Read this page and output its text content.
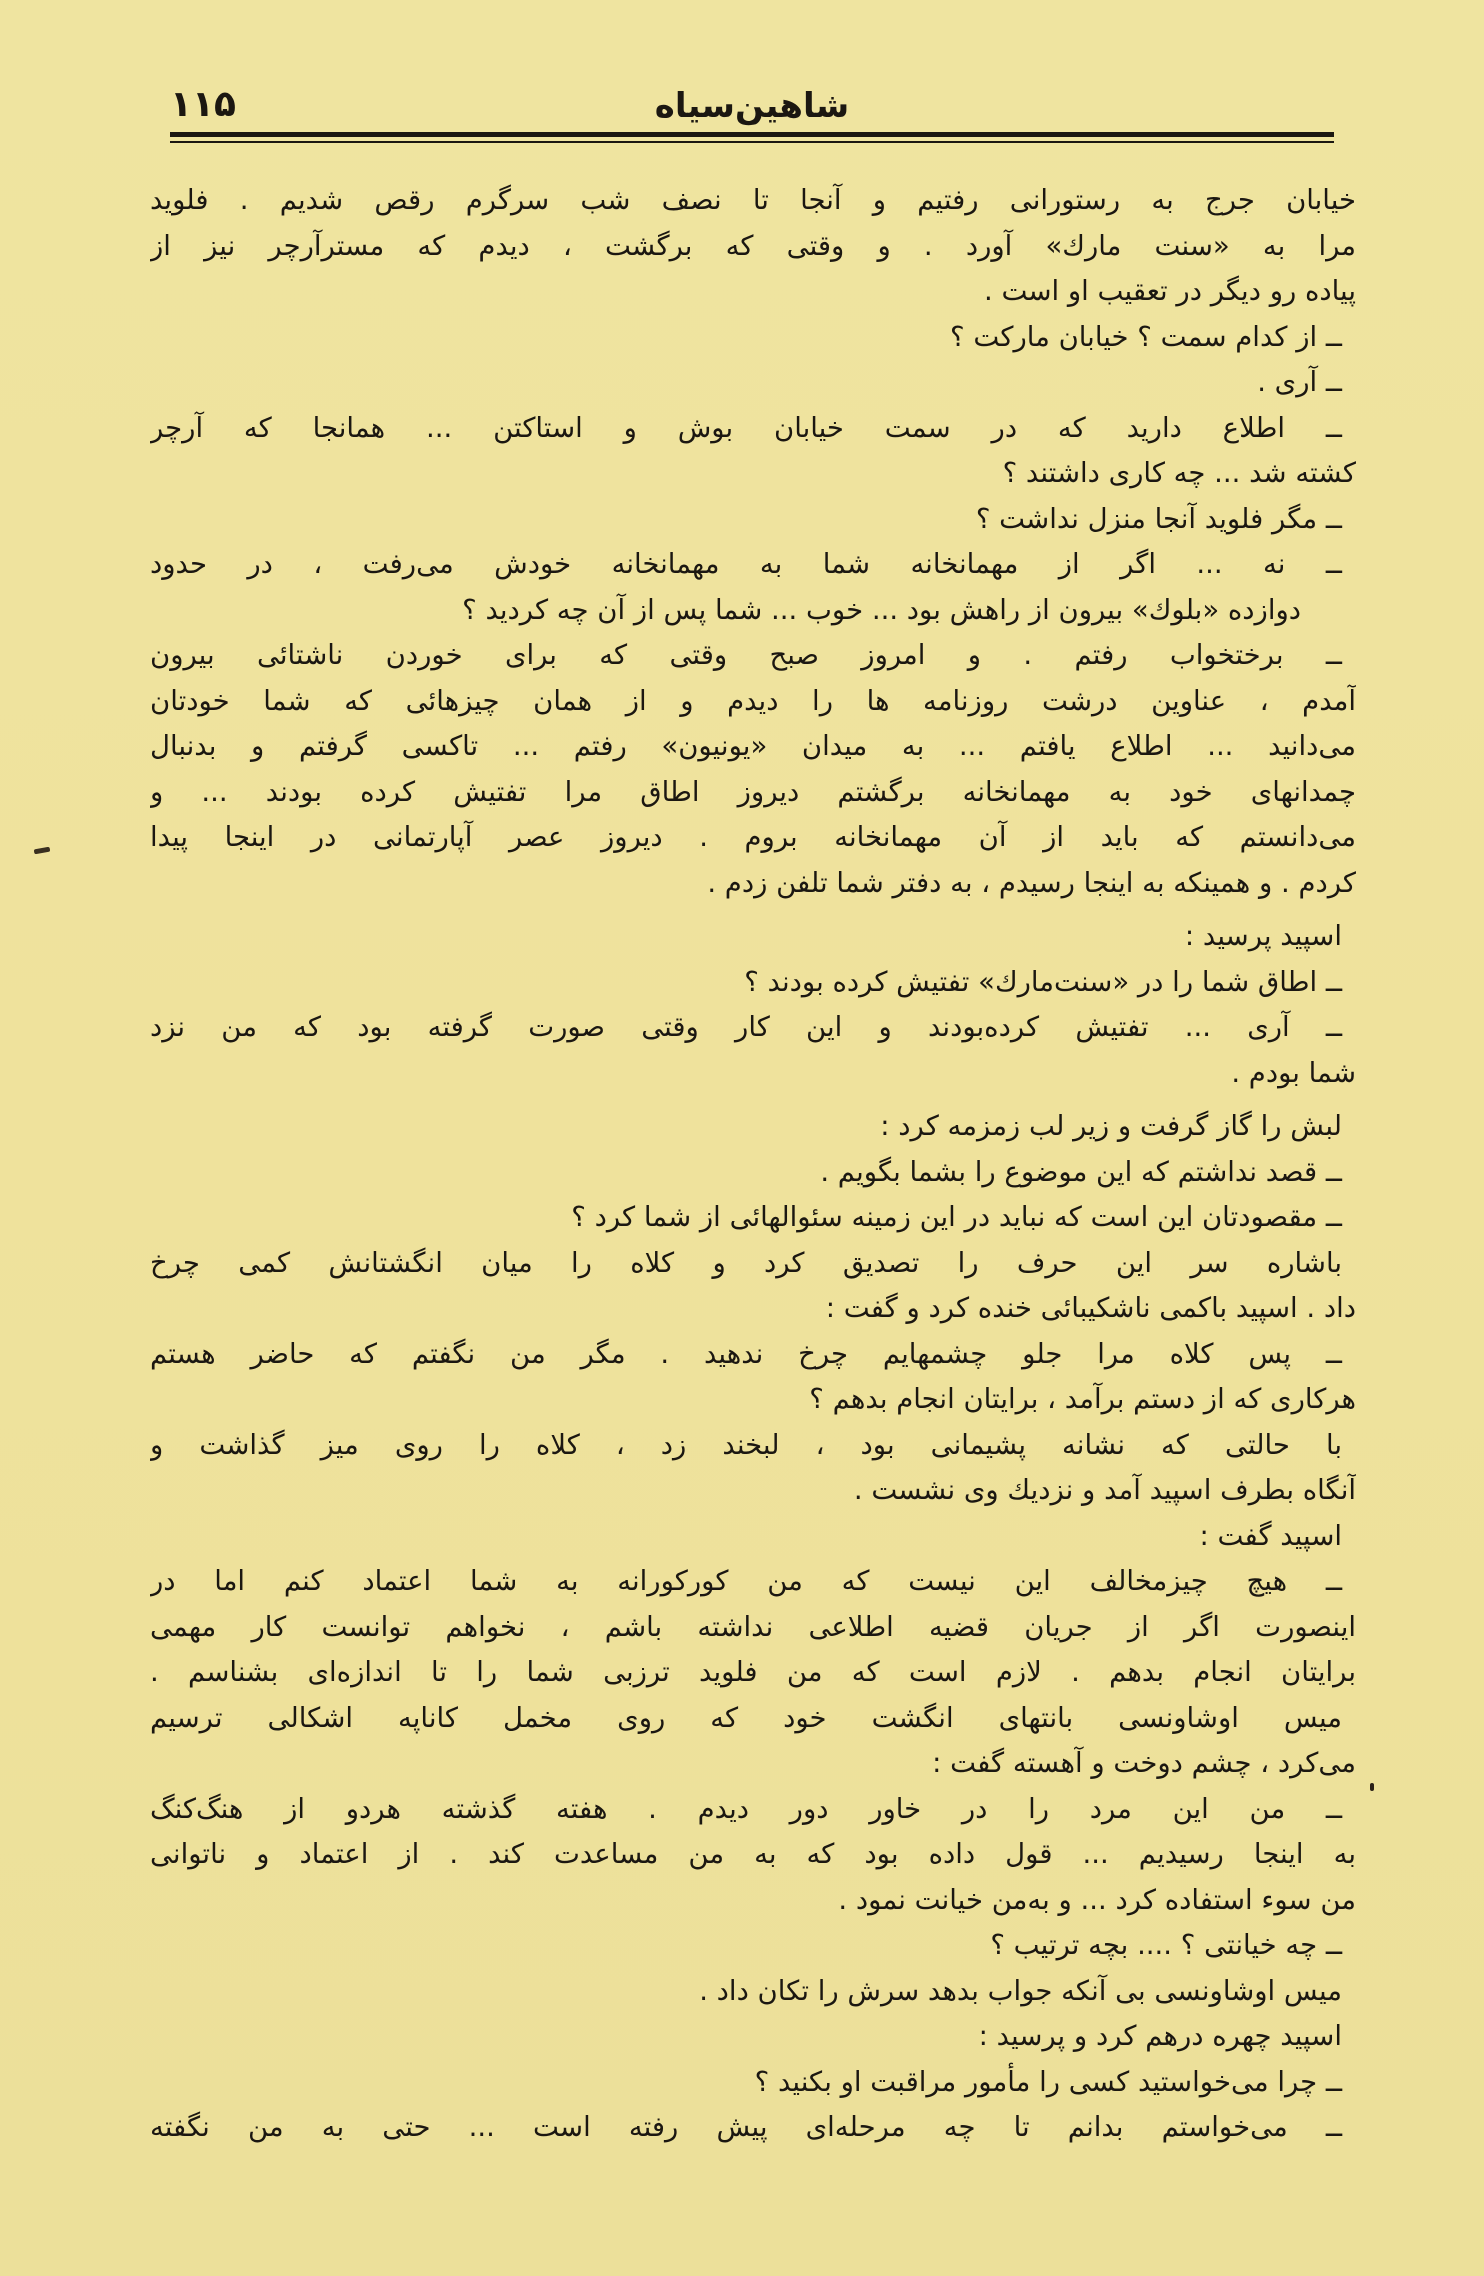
شاهین‌سیاه
۱۱۵
خیابان جرج به رستورانی رفتیم و آنجا تا نصف شب سرگرم رقص شدیم . فلوید
مرا به «سنت مارك» آورد . و وقتی که برگشت ، دیدم که مسترآرچر نیز از
پیاده رو دیگر در تعقیب او است .
ــ از کدام سمت ؟ خیابان مارکت ؟
ــ آری .
ــ اطلاع دارید که در سمت خیابان بوش و استاکتن ... همانجا که آرچر
کشته شد ... چه کاری داشتند ؟
ــ مگر فلوید آنجا منزل نداشت ؟
ــ نه ... اگر از مهمانخانه شما به مهمانخانه خودش می‌رفت ، در حدود
دوازده «بلوك» بیرون از راهش بود ... خوب ... شما پس از آن چه کردید ؟
ــ برختخواب رفتم . و امروز صبح وقتی که برای خوردن ناشتائی بیرون
آمدم ، عناوین درشت روزنامه ها را دیدم و از همان چیزهائی که شما خودتان
می‌دانید ... اطلاع یافتم ... به میدان «یونیون» رفتم ... تاکسی گرفتم و بدنبال
چمدانهای خود به مهمانخانه برگشتم دیروز اطاق مرا تفتیش کرده بودند ... و
می‌دانستم که باید از آن مهمانخانه بروم . دیروز عصر آپارتمانی در اینجا پیدا
کردم . و همینکه به اینجا رسیدم ، به دفتر شما تلفن زدم .
اسپید پرسید :
ــ اطاق شما را در «سنت‌مارك» تفتیش کرده بودند ؟
ــ آری ... تفتیش کرده‌بودند و این کار وقتی صورت گرفته بود که من نزد
شما بودم .
لبش را گاز گرفت و زیر لب زمزمه کرد :
ــ قصد نداشتم که این موضوع را بشما بگویم .
ــ مقصودتان این است که نباید در این زمینه سئوالهائی از شما کرد ؟
باشاره سر این حرف را تصدیق کرد و کلاه را میان انگشتانش کمی چرخ
داد . اسپید باکمی ناشکیبائی خنده کرد و گفت :
ــ پس کلاه مرا جلو چشمهایم چرخ ندهید . مگر من نگفتم که حاضر هستم
هرکاری که از دستم برآمد ، برایتان انجام بدهم ؟
با حالتی که نشانه پشیمانی بود ، لبخند زد ، کلاه را روی میز گذاشت و
آنگاه بطرف اسپید آمد و نزدیك وی نشست .
اسپید گفت :
ــ هیچ چیزمخالف این نیست که من کورکورانه به شما اعتماد کنم اما در
اینصورت اگر از جریان قضیه اطلاعی نداشته باشم ، نخواهم توانست کار مهمی
برایتان انجام بدهم . لازم است که من فلوید ترزبی شما را تا اندازه‌ای بشناسم .
میس اوشاونسی بانتهای انگشت خود که روی مخمل کاناپه اشکالی ترسیم
می‌کرد ، چشم دوخت و آهسته گفت :
ــ من این مرد را در خاور دور دیدم . هفته گذشته هردو از هنگ‌کنگ
به اینجا رسیدیم ... قول داده بود که به من مساعدت کند . از اعتماد و ناتوانی
من سوء استفاده کرد ... و به‌من خیانت نمود .
ــ چه خیانتی ؟ .... بچه ترتیب ؟
میس اوشاونسی بی آنکه جواب بدهد سرش را تکان داد .
اسپید چهره درهم کرد و پرسید :
ــ چرا می‌خواستید کسی را مأمور مراقبت او بکنید ؟
ــ می‌خواستم بدانم تا چه مرحله‌ای پیش رفته است ... حتی به من نگفته
